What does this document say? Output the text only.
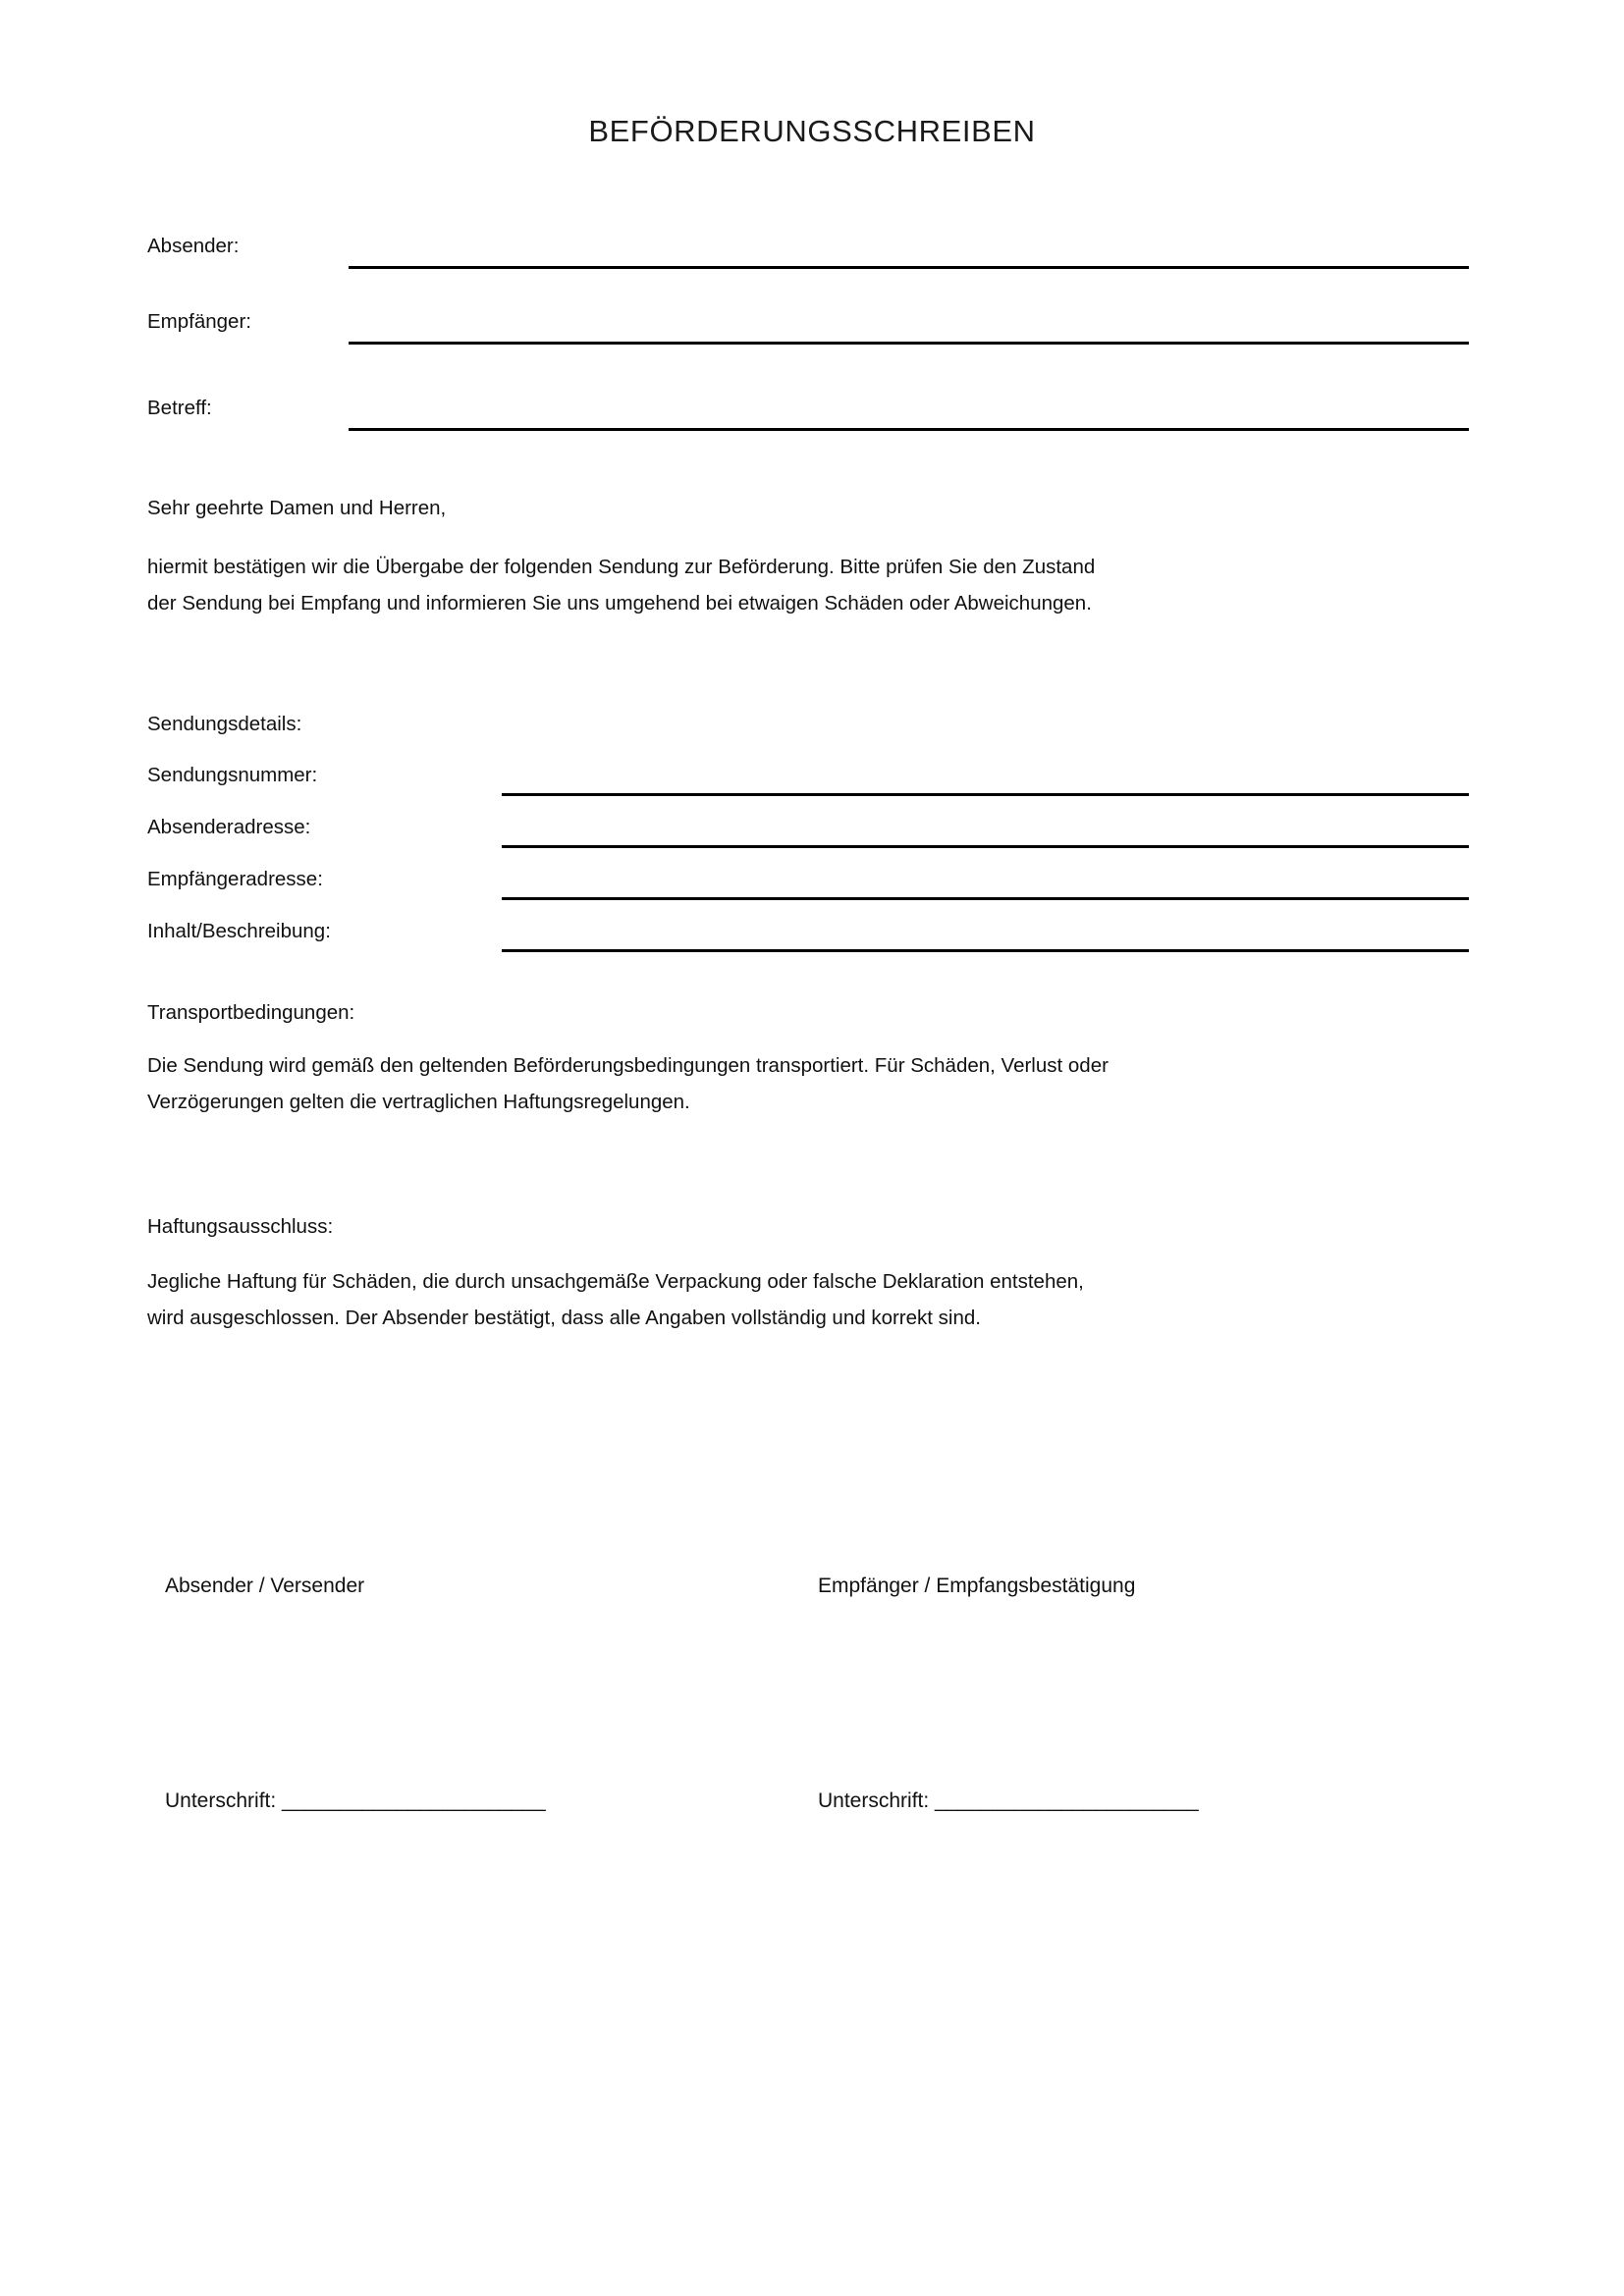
BEFÖRDERUNGSSCHREIBEN
Absender:
Empfänger:
Betreff:
Sehr geehrte Damen und Herren,
hiermit bestätigen wir die Übergabe der folgenden Sendung zur Beförderung. Bitte prüfen Sie den Zustand
der Sendung bei Empfang und informieren Sie uns umgehend bei etwaigen Schäden oder Abweichungen.
Sendungsdetails:
Sendungsnummer:
Absenderadresse:
Empfängeradresse:
Inhalt/Beschreibung:
Transportbedingungen:
Die Sendung wird gemäß den geltenden Beförderungsbedingungen transportiert. Für Schäden, Verlust oder
Verzögerungen gelten die vertraglichen Haftungsregelungen.
Haftungsausschluss:
Jegliche Haftung für Schäden, die durch unsachgemäße Verpackung oder falsche Deklaration entstehen,
wird ausgeschlossen. Der Absender bestätigt, dass alle Angaben vollständig und korrekt sind.
Absender / Versender	Empfänger / Empfangsbestätigung
Unterschrift: _______________________	Unterschrift: _______________________
